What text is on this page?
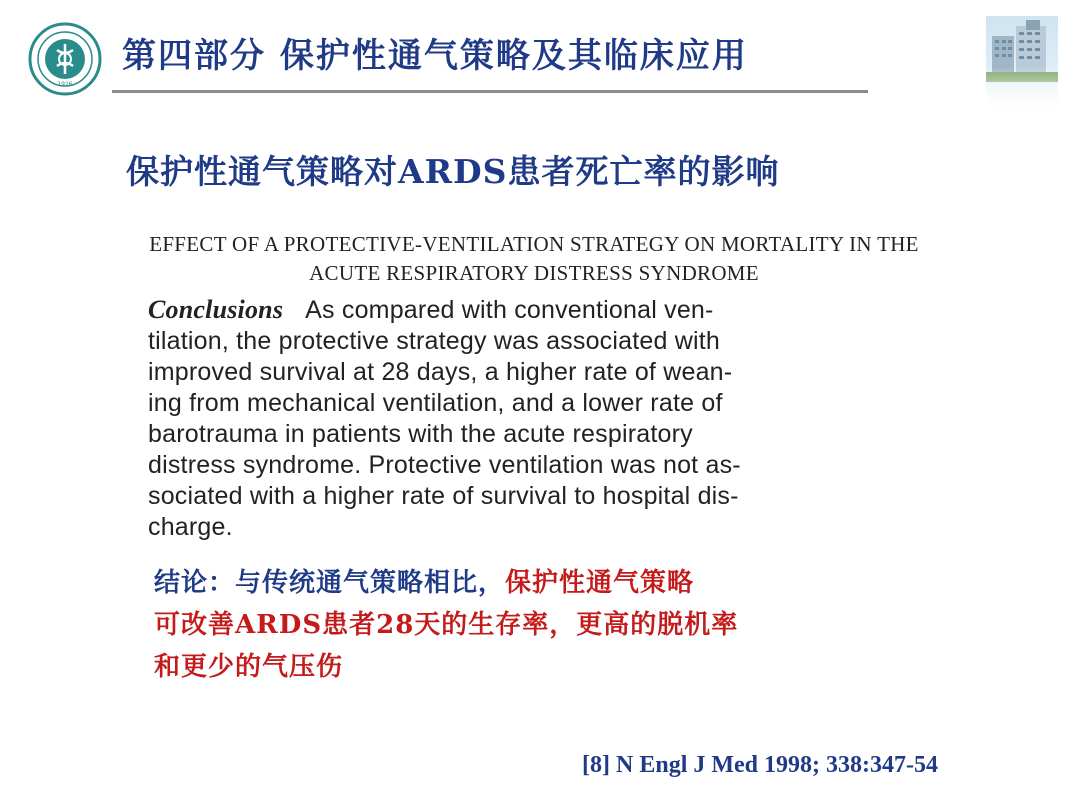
1926
第四部分 保护性通气策略及其临床应用
保护性通气策略对ARDS患者死亡率的影响
EFFECT OF A PROTECTIVE-VENTILATION STRATEGY ON MORTALITY IN THE
ACUTE RESPIRATORY DISTRESS SYNDROME
Conclusions As compared with conventional ven-
tilation, the protective strategy was associated with
improved survival at 28 days, a higher rate of wean-
ing from mechanical ventilation, and a lower rate of
barotrauma in patients with the acute respiratory
distress syndrome. Protective ventilation was not as-
sociated with a higher rate of survival to hospital dis-
charge.
结论：与传统通气策略相比，保护性通气策略
可改善ARDS患者28天的生存率，更高的脱机率
和更少的气压伤
[8] N Engl J Med 1998; 338:347-54
